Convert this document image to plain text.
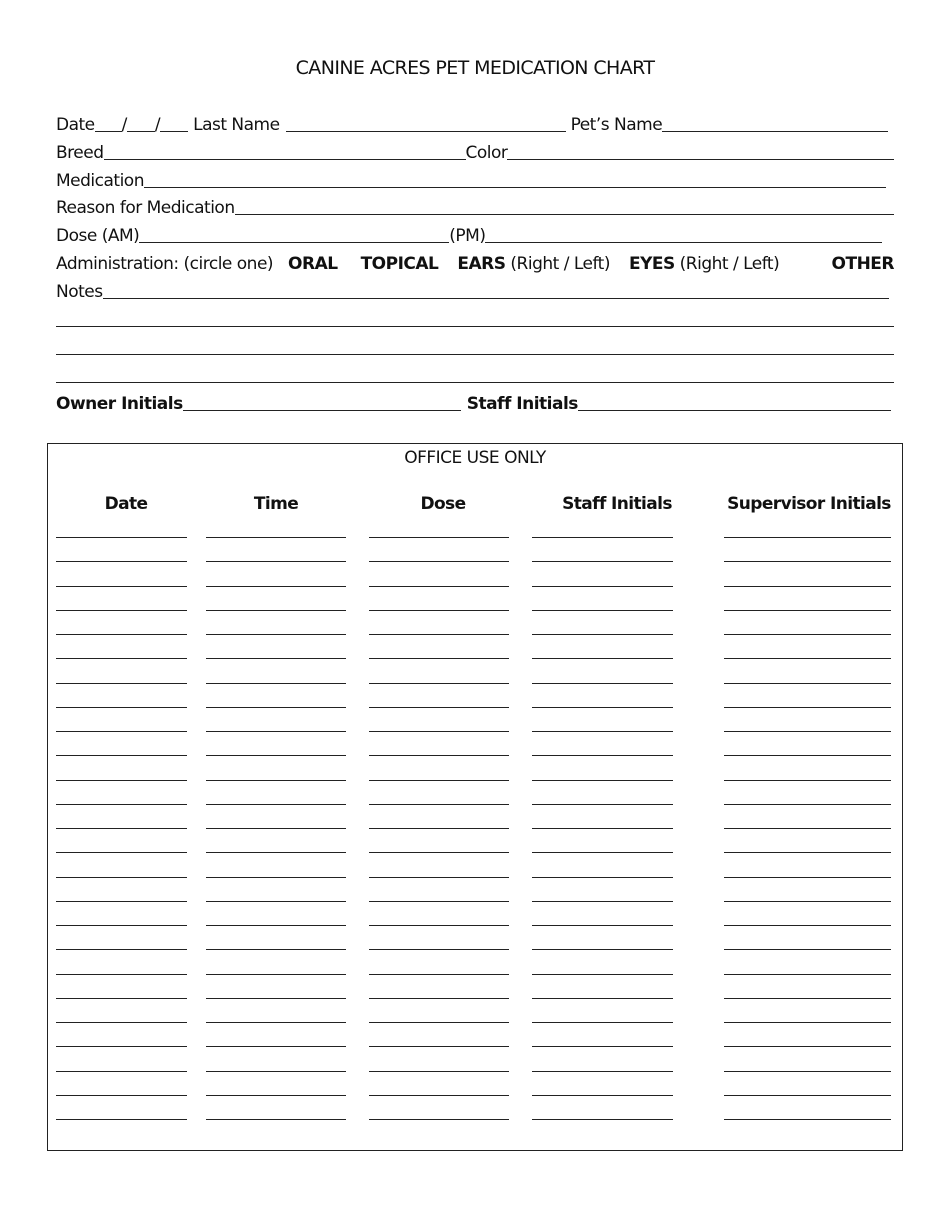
CANINE ACRES PET MEDICATION CHART
Date / / Last Name	Pet’s Name
Breed	Color
Medication
Reason for Medication
Dose (AM)	(PM)
Administration: (circle one) ORAL TOPICAL EARS (Right / Left) EYES (Right / Left)	OTHER
Notes
Owner Initials	Staff Initials
OFFICE USE ONLY
Date	Time	Dose	Staff Initials	Supervisor Initials
